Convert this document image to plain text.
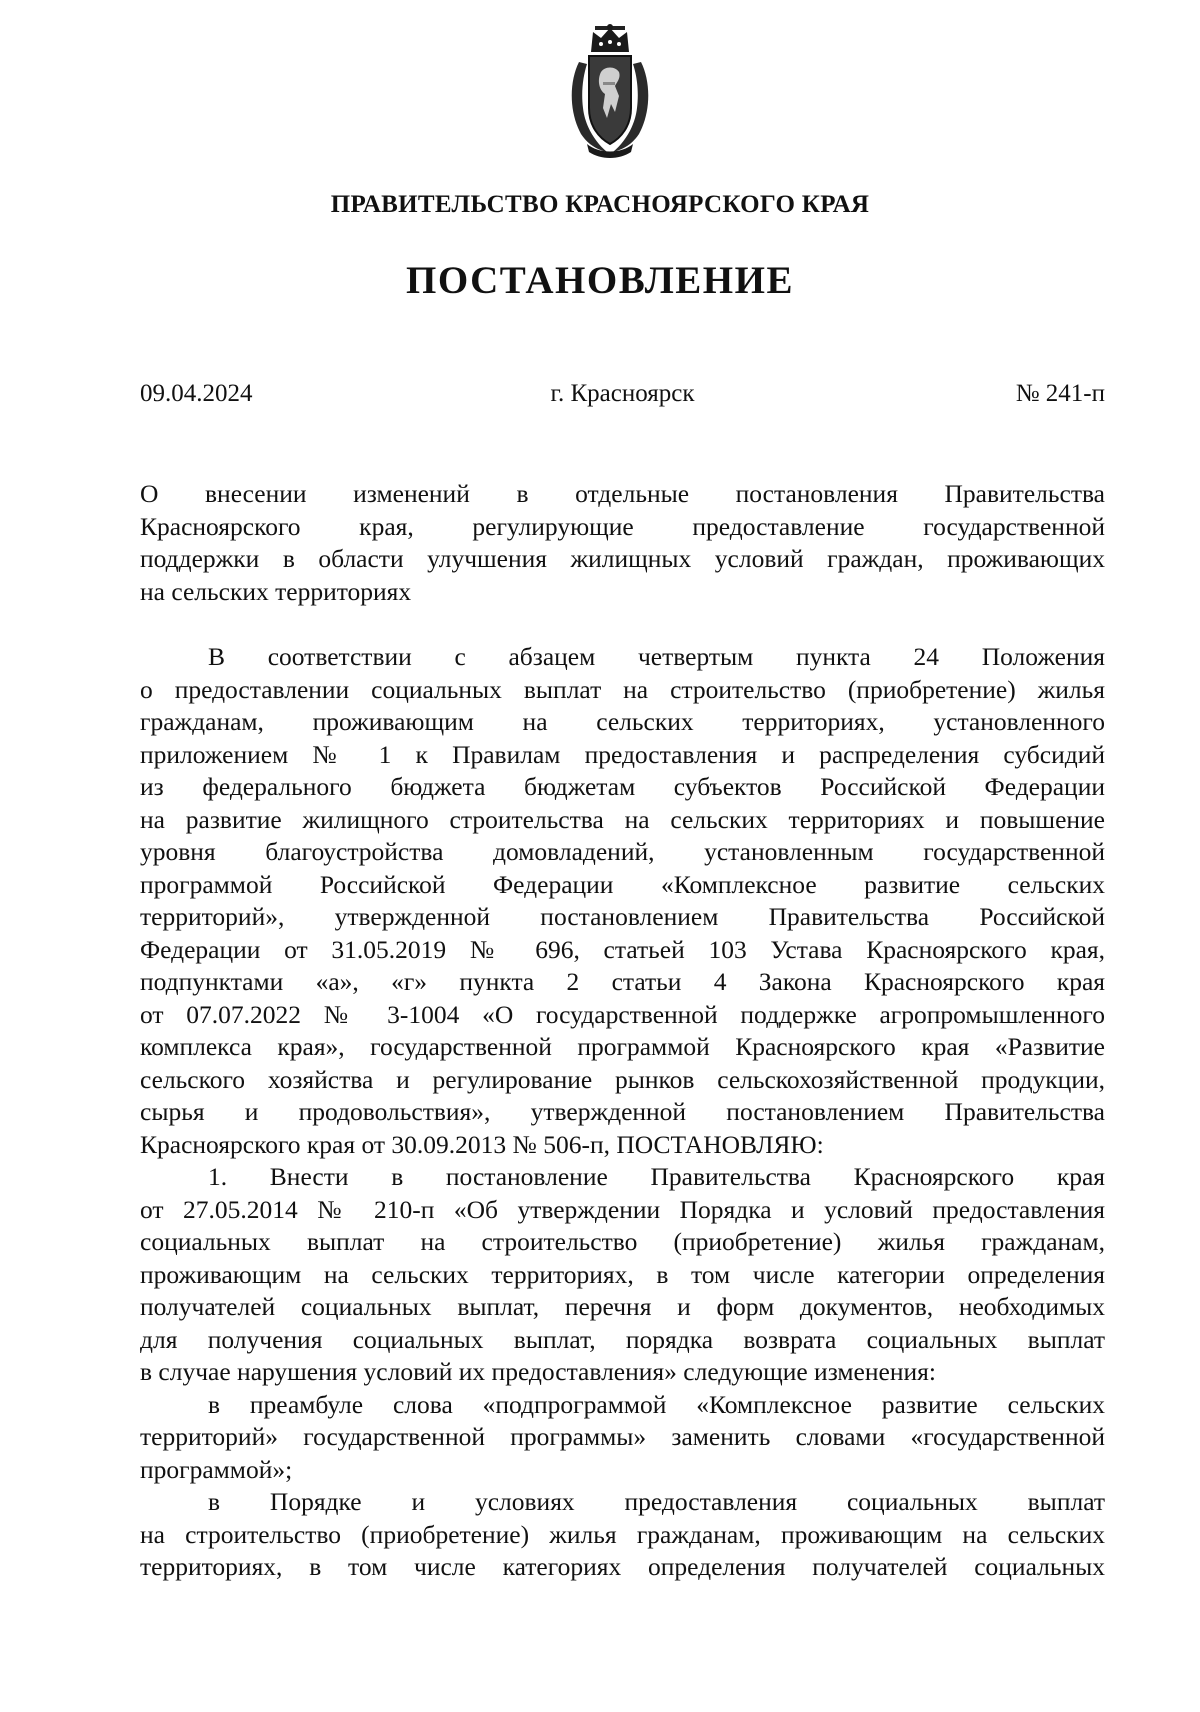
ПРАВИТЕЛЬСТВО КРАСНОЯРСКОГО КРАЯ
ПОСТАНОВЛЕНИЕ
09.04.2024	г. Красноярск	№ 241-п
О внесении изменений в отдельные постановления Правительства
Красноярского края, регулирующие предоставление государственной
поддержки в области улучшения жилищных условий граждан, проживающих
на сельских территориях
В соответствии с абзацем четвертым пункта 24 Положения
о предоставлении социальных выплат на строительство (приобретение) жилья
гражданам, проживающим на сельских территориях, установленного
приложением № 1 к Правилам предоставления и распределения субсидий
из федерального бюджета бюджетам субъектов Российской Федерации
на развитие жилищного строительства на сельских территориях и повышение
уровня благоустройства домовладений, установленным государственной
программой Российской Федерации «Комплексное развитие сельских
территорий», утвержденной постановлением Правительства Российской
Федерации от 31.05.2019 № 696, статьей 103 Устава Красноярского края,
подпунктами «а», «г» пункта 2 статьи 4 Закона Красноярского края
от 07.07.2022 № 3-1004 «О государственной поддержке агропромышленного
комплекса края», государственной программой Красноярского края «Развитие
сельского хозяйства и регулирование рынков сельскохозяйственной продукции,
сырья и продовольствия», утвержденной постановлением Правительства
Красноярского края от 30.09.2013 № 506-п, ПОСТАНОВЛЯЮ:
1. Внести в постановление Правительства Красноярского края
от 27.05.2014 № 210-п «Об утверждении Порядка и условий предоставления
социальных выплат на строительство (приобретение) жилья гражданам,
проживающим на сельских территориях, в том числе категории определения
получателей социальных выплат, перечня и форм документов, необходимых
для получения социальных выплат, порядка возврата социальных выплат
в случае нарушения условий их предоставления» следующие изменения:
в преамбуле слова «подпрограммой «Комплексное развитие сельских
территорий» государственной программы» заменить словами «государственной
программой»;
в Порядке и условиях предоставления социальных выплат
на строительство (приобретение) жилья гражданам, проживающим на сельских
территориях, в том числе категориях определения получателей социальных
